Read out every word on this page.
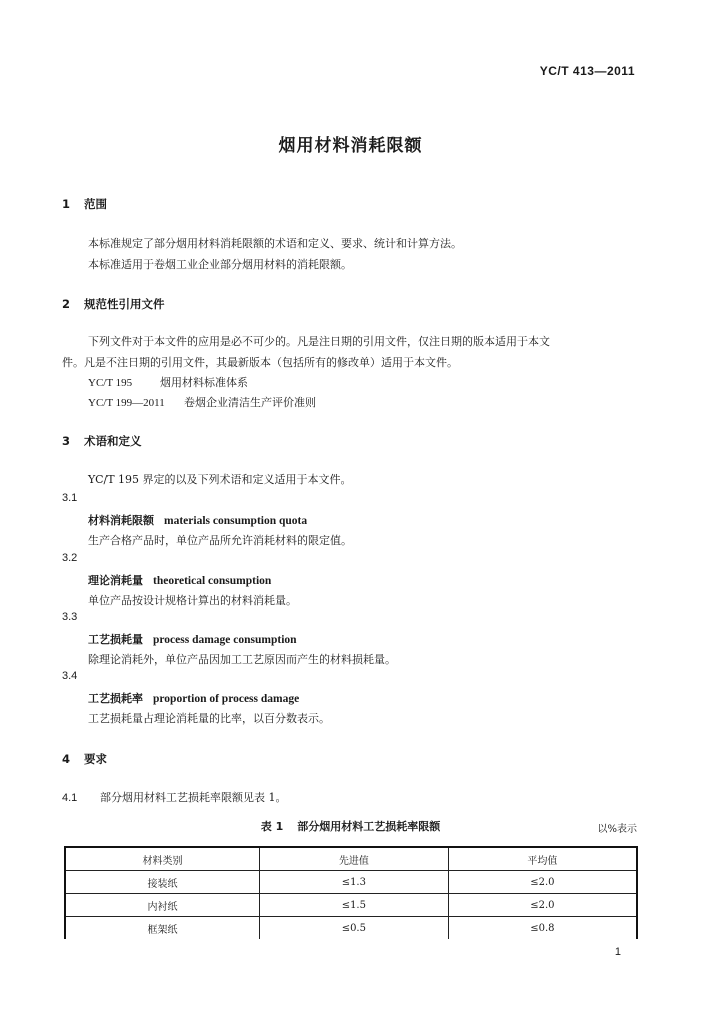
YC/T 413—2011
烟用材料消耗限额
1 范围
本标准规定了部分烟用材料消耗限额的术语和定义、要求、统计和计算方法。
本标准适用于卷烟工业企业部分烟用材料的消耗限额。
2 规范性引用文件
下列文件对于本文件的应用是必不可少的。凡是注日期的引用文件，仅注日期的版本适用于本文
件。凡是不注日期的引用文件，其最新版本（包括所有的修改单）适用于本文件。
YC/T 195	烟用材料标准体系
YC/T 199—2011 卷烟企业清洁生产评价准则
3 术语和定义
YC/T 195 界定的以及下列术语和定义适用于本文件。
3.1
材料消耗限额 materials consumption quota
生产合格产品时，单位产品所允许消耗材料的限定值。
3.2
理论消耗量 theoretical consumption
单位产品按设计规格计算出的材料消耗量。
3.3
工艺损耗量 process damage consumption
除理论消耗外，单位产品因加工工艺原因而产生的材料损耗量。
3.4
工艺损耗率 proportion of process damage
工艺损耗量占理论消耗量的比率，以百分数表示。
4 要求
4.1 部分烟用材料工艺损耗率限额见表 1。
表 1 部分烟用材料工艺损耗率限额	以%表示
材料类别	先进值	平均值
接装纸	≤1.3	≤2.0
内衬纸	≤1.5	≤2.0
框架纸	≤0.5	≤0.8
1
